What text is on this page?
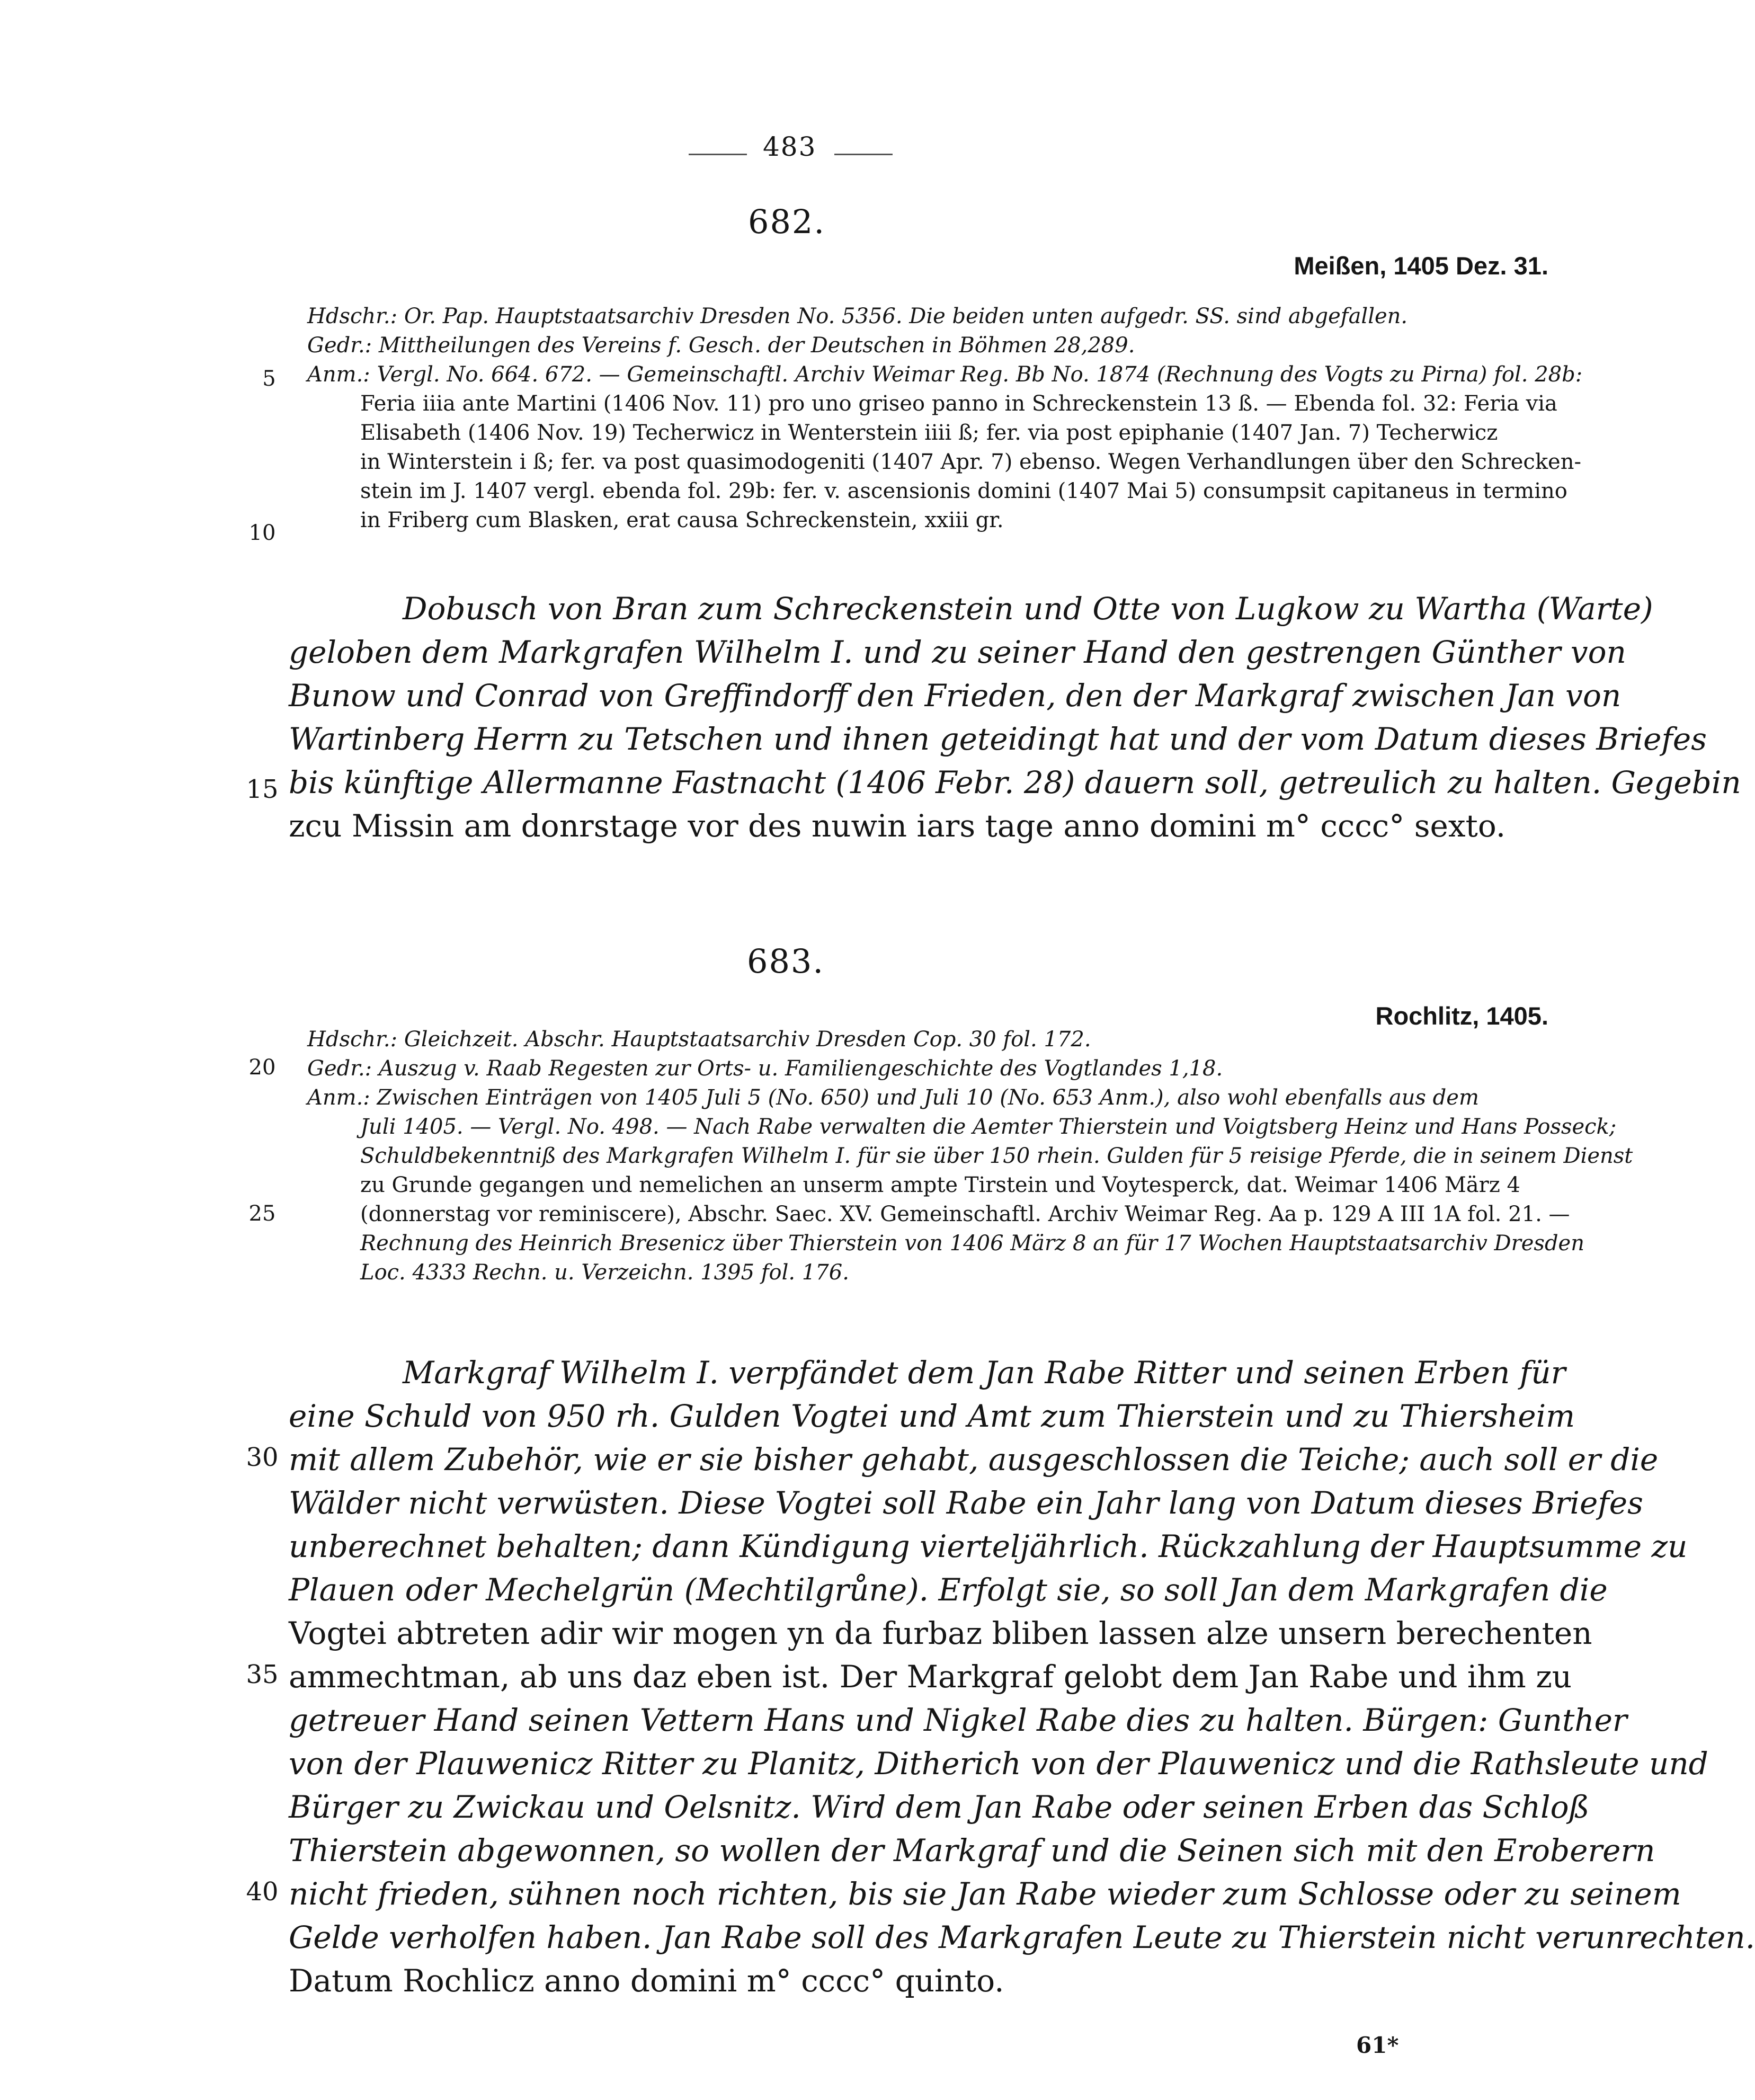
483
682.
Meißen, 1405 Dez. 31.
Hdschr.: Or. Pap. Hauptstaatsarchiv Dresden No. 5356. Die beiden unten aufgedr. SS. sind abgefallen.
Gedr.: Mittheilungen des Vereins f. Gesch. der Deutschen in Böhmen 28,289.
Anm.: Vergl. No. 664. 672. — Gemeinschaftl. Archiv Weimar Reg. Bb No. 1874 (Rechnung des Vogts zu Pirna) fol. 28b:
Feria iiia ante Martini (1406 Nov. 11) pro uno griseo panno in Schreckenstein 13 ß. — Ebenda fol. 32: Feria via
Elisabeth (1406 Nov. 19) Techerwicz in Wenterstein iiii ß; fer. via post epiphanie (1407 Jan. 7) Techerwicz
in Winterstein i ß; fer. va post quasimodogeniti (1407 Apr. 7) ebenso. Wegen Verhandlungen über den Schrecken-
stein im J. 1407 vergl. ebenda fol. 29b: fer. v. ascensionis domini (1407 Mai 5) consumpsit capitaneus in termino
in Friberg cum Blasken, erat causa Schreckenstein, xxiii gr.
Dobusch von Bran zum Schreckenstein und Otte von Lugkow zu Wartha (Warte)
geloben dem Markgrafen Wilhelm I. und zu seiner Hand den gestrengen Günther von
Bunow und Conrad von Greffindorff den Frieden, den der Markgraf zwischen Jan von
Wartinberg Herrn zu Tetschen und ihnen geteidingt hat und der vom Datum dieses Briefes
bis künftige Allermanne Fastnacht (1406 Febr. 28) dauern soll, getreulich zu halten. Gegebin
zcu Missin am donrstage vor des nuwin iars tage anno domini m° cccc° sexto.
683.
Rochlitz, 1405.
Hdschr.: Gleichzeit. Abschr. Hauptstaatsarchiv Dresden Cop. 30 fol. 172.
Gedr.: Auszug v. Raab Regesten zur Orts- u. Familiengeschichte des Vogtlandes 1,18.
Anm.: Zwischen Einträgen von 1405 Juli 5 (No. 650) und Juli 10 (No. 653 Anm.), also wohl ebenfalls aus dem
Juli 1405. — Vergl. No. 498. — Nach Rabe verwalten die Aemter Thierstein und Voigtsberg Heinz und Hans Posseck;
Schuldbekenntniß des Markgrafen Wilhelm I. für sie über 150 rhein. Gulden für 5 reisige Pferde, die in seinem Dienst
zu Grunde gegangen und nemelichen an unserm ampte Tirstein und Voytesperck, dat. Weimar 1406 März 4
(donnerstag vor reminiscere), Abschr. Saec. XV. Gemeinschaftl. Archiv Weimar Reg. Aa p. 129 A III 1A fol. 21. —
Rechnung des Heinrich Bresenicz über Thierstein von 1406 März 8 an für 17 Wochen Hauptstaatsarchiv Dresden
Loc. 4333 Rechn. u. Verzeichn. 1395 fol. 176.
Markgraf Wilhelm I. verpfändet dem Jan Rabe Ritter und seinen Erben für
eine Schuld von 950 rh. Gulden Vogtei und Amt zum Thierstein und zu Thiersheim
mit allem Zubehör, wie er sie bisher gehabt, ausgeschlossen die Teiche; auch soll er die
Wälder nicht verwüsten. Diese Vogtei soll Rabe ein Jahr lang von Datum dieses Briefes
unberechnet behalten; dann Kündigung vierteljährlich. Rückzahlung der Hauptsumme zu
Plauen oder Mechelgrün (Mechtilgrůne). Erfolgt sie, so soll Jan dem Markgrafen die
Vogtei abtreten adir wir mogen yn da furbaz bliben lassen alze unsern berechenten
ammechtman, ab uns daz eben ist. Der Markgraf gelobt dem Jan Rabe und ihm zu
getreuer Hand seinen Vettern Hans und Nigkel Rabe dies zu halten. Bürgen: Gunther
von der Plauwenicz Ritter zu Planitz, Ditherich von der Plauwenicz und die Rathsleute und
Bürger zu Zwickau und Oelsnitz. Wird dem Jan Rabe oder seinen Erben das Schloß
Thierstein abgewonnen, so wollen der Markgraf und die Seinen sich mit den Eroberern
nicht frieden, sühnen noch richten, bis sie Jan Rabe wieder zum Schlosse oder zu seinem
Gelde verholfen haben. Jan Rabe soll des Markgrafen Leute zu Thierstein nicht verunrechten.
Datum Rochlicz anno domini m° cccc° quinto.
5
10
15
20
25
30
35
40
61*
